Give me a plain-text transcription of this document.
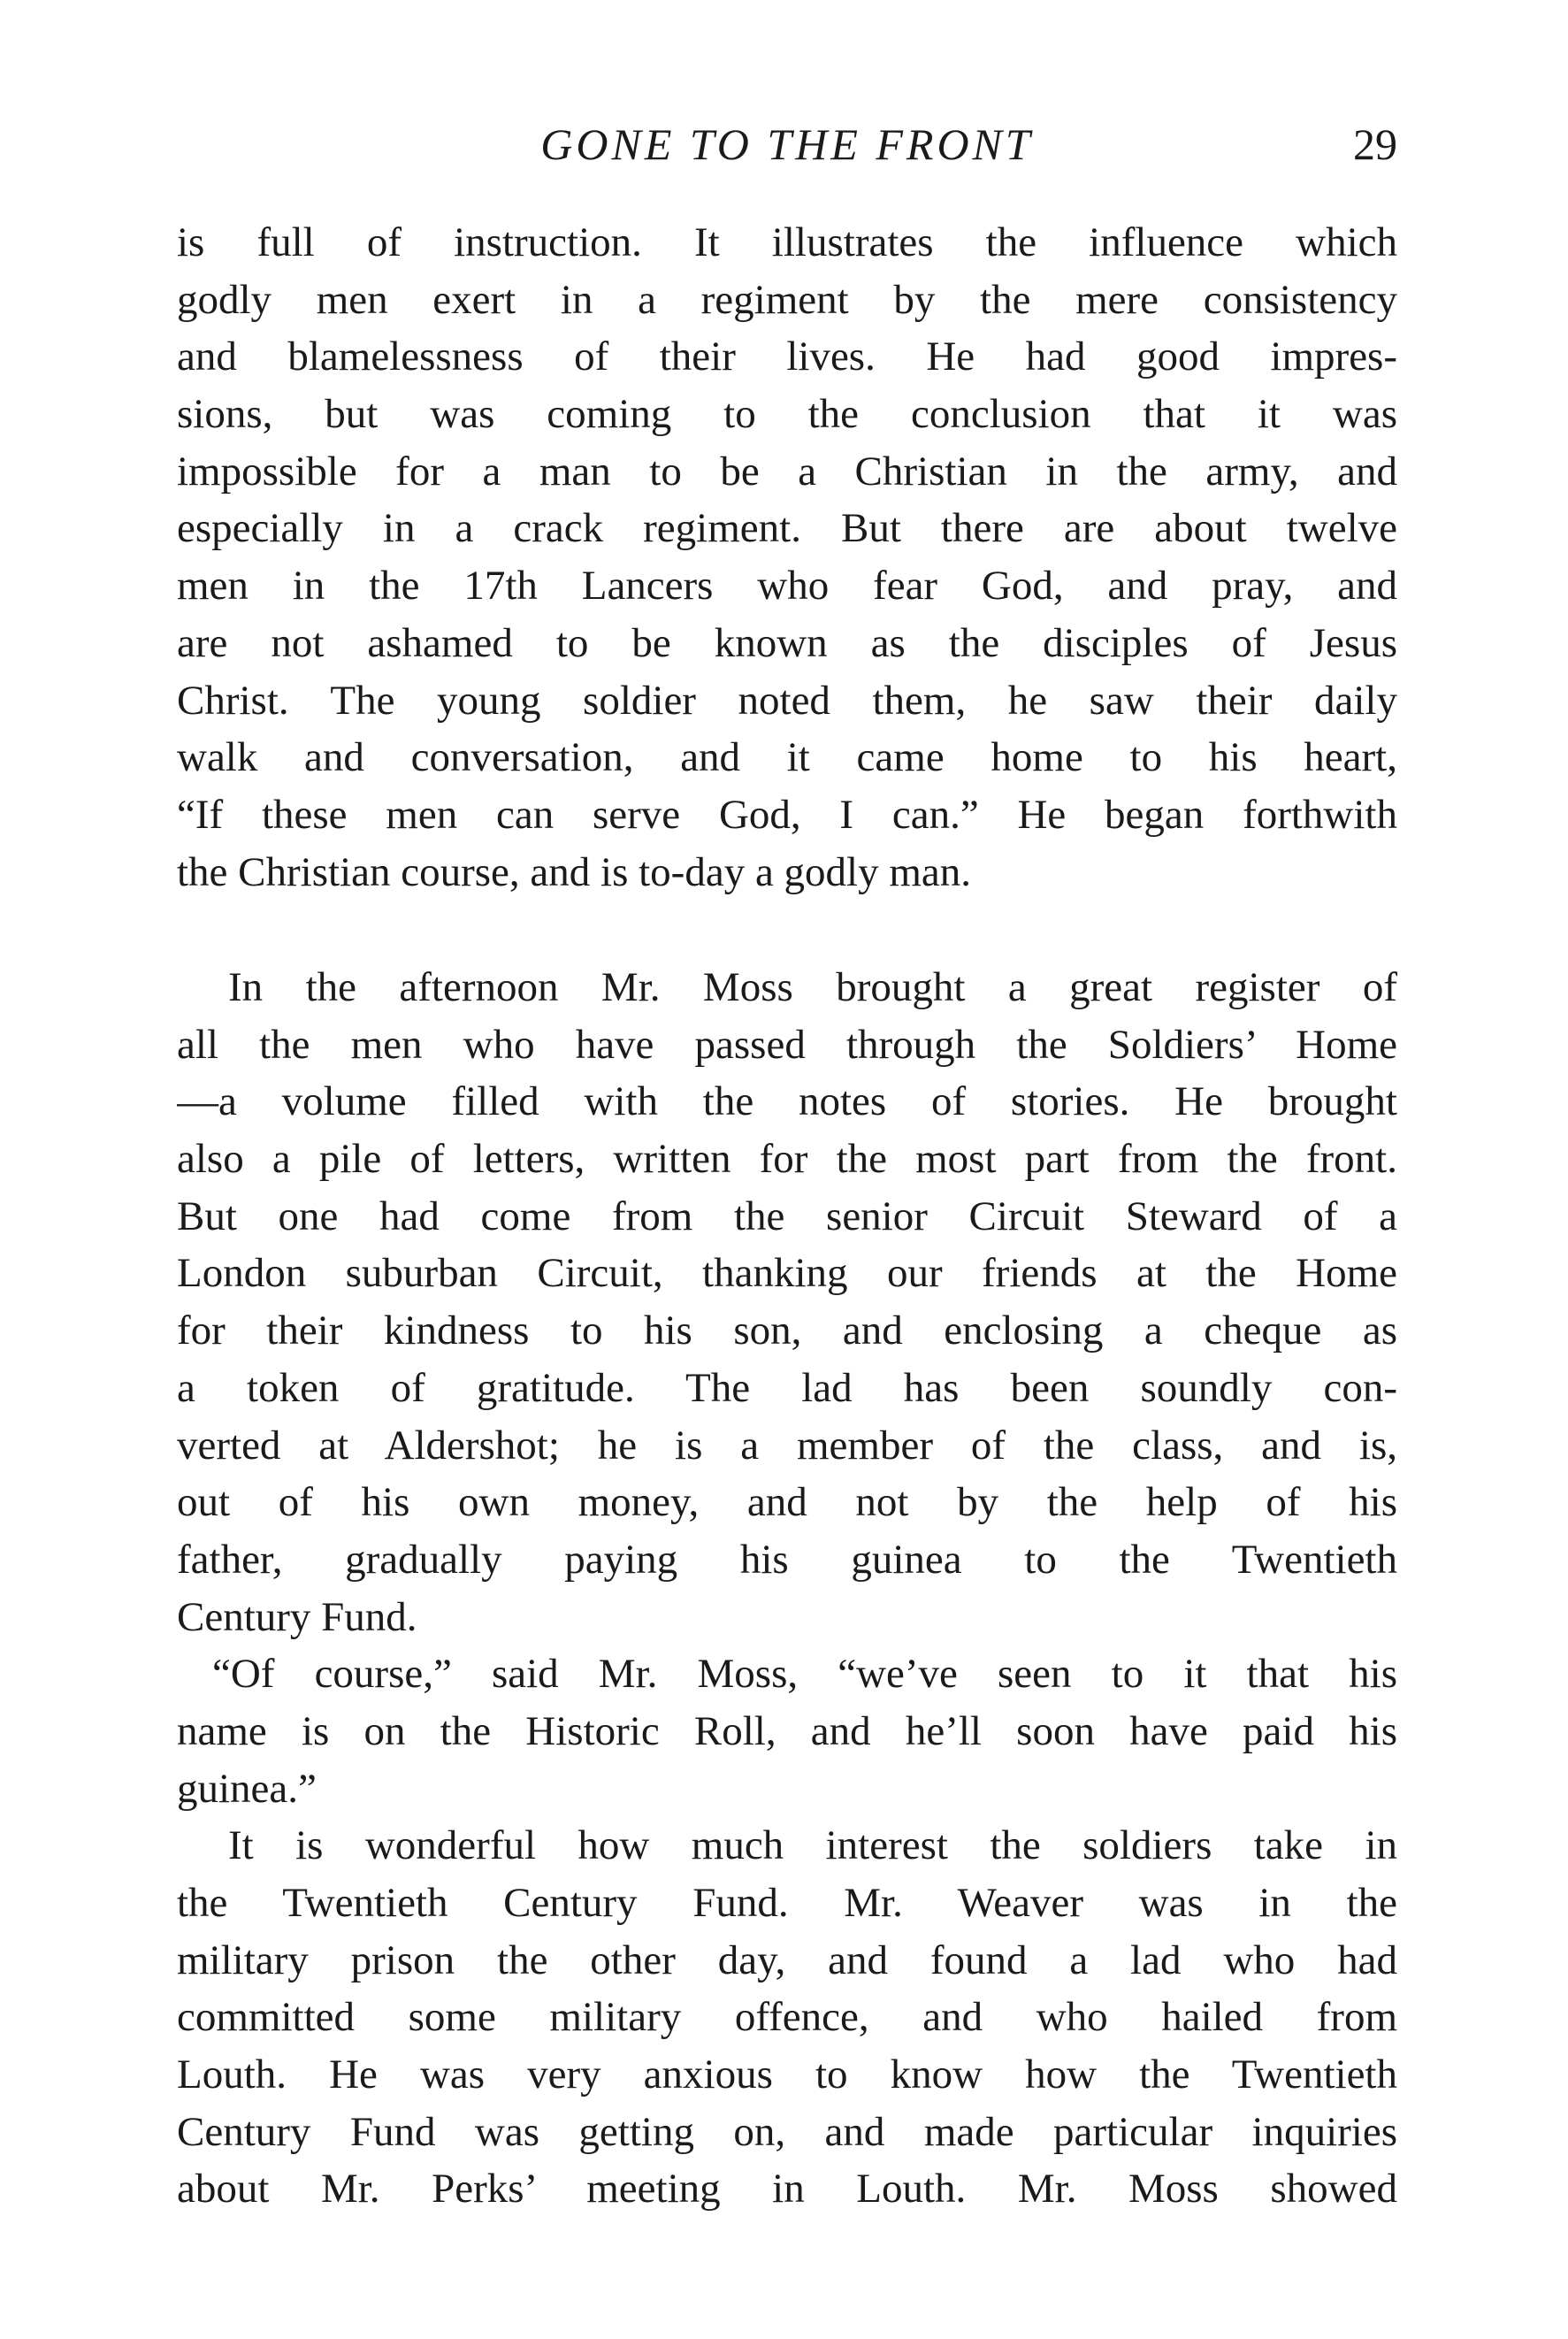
GONE TO THE FRONT	29
is full of instruction. It illustrates the influence which
godly men exert in a regiment by the mere consistency
and blamelessness of their lives. He had good impres-
sions, but was coming to the conclusion that it was
impossible for a man to be a Christian in the army, and
especially in a crack regiment. But there are about twelve
men in the 17th Lancers who fear God, and pray, and
are not ashamed to be known as the disciples of Jesus
Christ. The young soldier noted them, he saw their daily
walk and conversation, and it came home to his heart,
“If these men can serve God, I can.” He began forthwith
the Christian course, and is to-day a godly man.
In the afternoon Mr. Moss brought a great register of
all the men who have passed through the Soldiers’ Home
—a volume filled with the notes of stories. He brought
also a pile of letters, written for the most part from the front.
But one had come from the senior Circuit Steward of a
London suburban Circuit, thanking our friends at the Home
for their kindness to his son, and enclosing a cheque as
a token of gratitude. The lad has been soundly con-
verted at Aldershot; he is a member of the class, and is,
out of his own money, and not by the help of his
father, gradually paying his guinea to the Twentieth
Century Fund.
“Of course,” said Mr. Moss, “we’ve seen to it that his
name is on the Historic Roll, and he’ll soon have paid his
guinea.”
It is wonderful how much interest the soldiers take in
the Twentieth Century Fund. Mr. Weaver was in the
military prison the other day, and found a lad who had
committed some military offence, and who hailed from
Louth. He was very anxious to know how the Twentieth
Century Fund was getting on, and made particular inquiries
about Mr. Perks’ meeting in Louth. Mr. Moss showed
